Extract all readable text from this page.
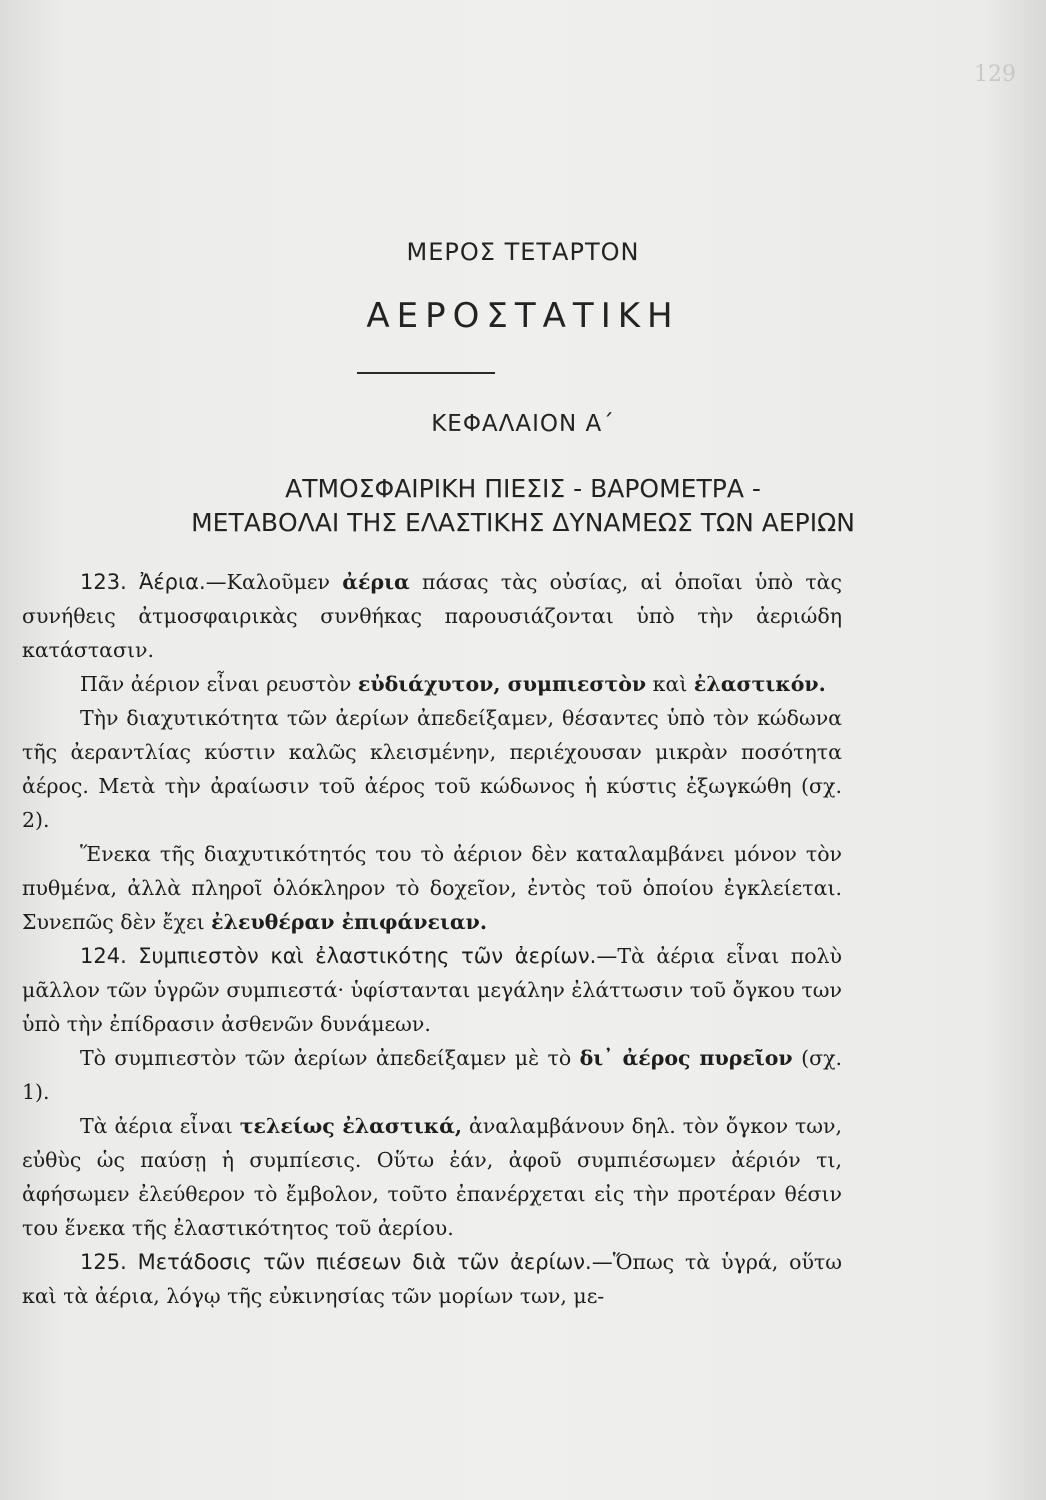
129
ΜΕΡΟΣ ΤΕΤΑΡΤΟΝ
ΑΕΡΟΣΤΑΤΙΚΗ
ΚΕΦΑΛΑΙΟΝ Α΄
ΑΤΜΟΣΦΑΙΡΙΚΗ ΠΙΕΣΙΣ - ΒΑΡΟΜΕΤΡΑ -
ΜΕΤΑΒΟΛΑΙ ΤΗΣ ΕΛΑΣΤΙΚΗΣ ΔΥΝΑΜΕΩΣ ΤΩΝ ΑΕΡΙΩΝ

123. Ἀέρια.—Καλοῦμεν ἀέρια πάσας τὰς οὐσίας, αἱ ὁποῖαι ὑπὸ τὰς συνήθεις ἀτμοσφαιρικὰς συνθήκας παρουσιάζονται ὑπὸ τὴν ἀεριώδη κατάστασιν.

Πᾶν ἀέριον εἶναι ρευστὸν εὐδιάχυτον, συμπιεστὸν καὶ ἐλαστικόν.

Τὴν διαχυτικότητα τῶν ἀερίων ἀπεδείξαμεν, θέσαντες ὑπὸ τὸν κώδωνα τῆς ἀεραντλίας κύστιν καλῶς κλεισμένην, περιέχουσαν μικρὰν ποσότητα ἀέρος. Μετὰ τὴν ἀραίωσιν τοῦ ἀέρος τοῦ κώδωνος ἡ κύστις ἐξωγκώθη (σχ. 2).

Ἕνεκα τῆς διαχυτικότητός του τὸ ἀέριον δὲν καταλαμβάνει μόνον τὸν πυθμένα, ἀλλὰ πληροῖ ὁλόκληρον τὸ δοχεῖον, ἐντὸς τοῦ ὁποίου ἐγκλείεται. Συνεπῶς δὲν ἔχει ἐλευθέραν ἐπιφάνειαν.

124. Συμπιεστὸν καὶ ἐλαστικότης τῶν ἀερίων.—Τὰ ἀέρια εἶναι πολὺ μᾶλλον τῶν ὑγρῶν συμπιεστά· ὑφίστανται μεγάλην ἐλάττωσιν τοῦ ὄγκου των ὑπὸ τὴν ἐπίδρασιν ἀσθενῶν δυνάμεων.

Τὸ συμπιεστὸν τῶν ἀερίων ἀπεδείξαμεν μὲ τὸ δι᾿ ἀέρος πυρεῖον (σχ. 1).

Τὰ ἀέρια εἶναι τελείως ἐλαστικά, ἀναλαμβάνουν δηλ. τὸν ὄγκον των, εὐθὺς ὡς παύσῃ ἡ συμπίεσις. Οὕτω ἐάν, ἀφοῦ συμπιέσωμεν ἀέριόν τι, ἀφήσωμεν ἐλεύθερον τὸ ἔμβολον, τοῦτο ἐπανέρχεται εἰς τὴν προτέραν θέσιν του ἕνεκα τῆς ἐλαστικότητος τοῦ ἀερίου.

125. Μετάδοσις τῶν πιέσεων διὰ τῶν ἀερίων.—Ὅπως τὰ ὑγρά, οὕτω καὶ τὰ ἀέρια, λόγῳ τῆς εὐκινησίας τῶν μορίων των, με-
